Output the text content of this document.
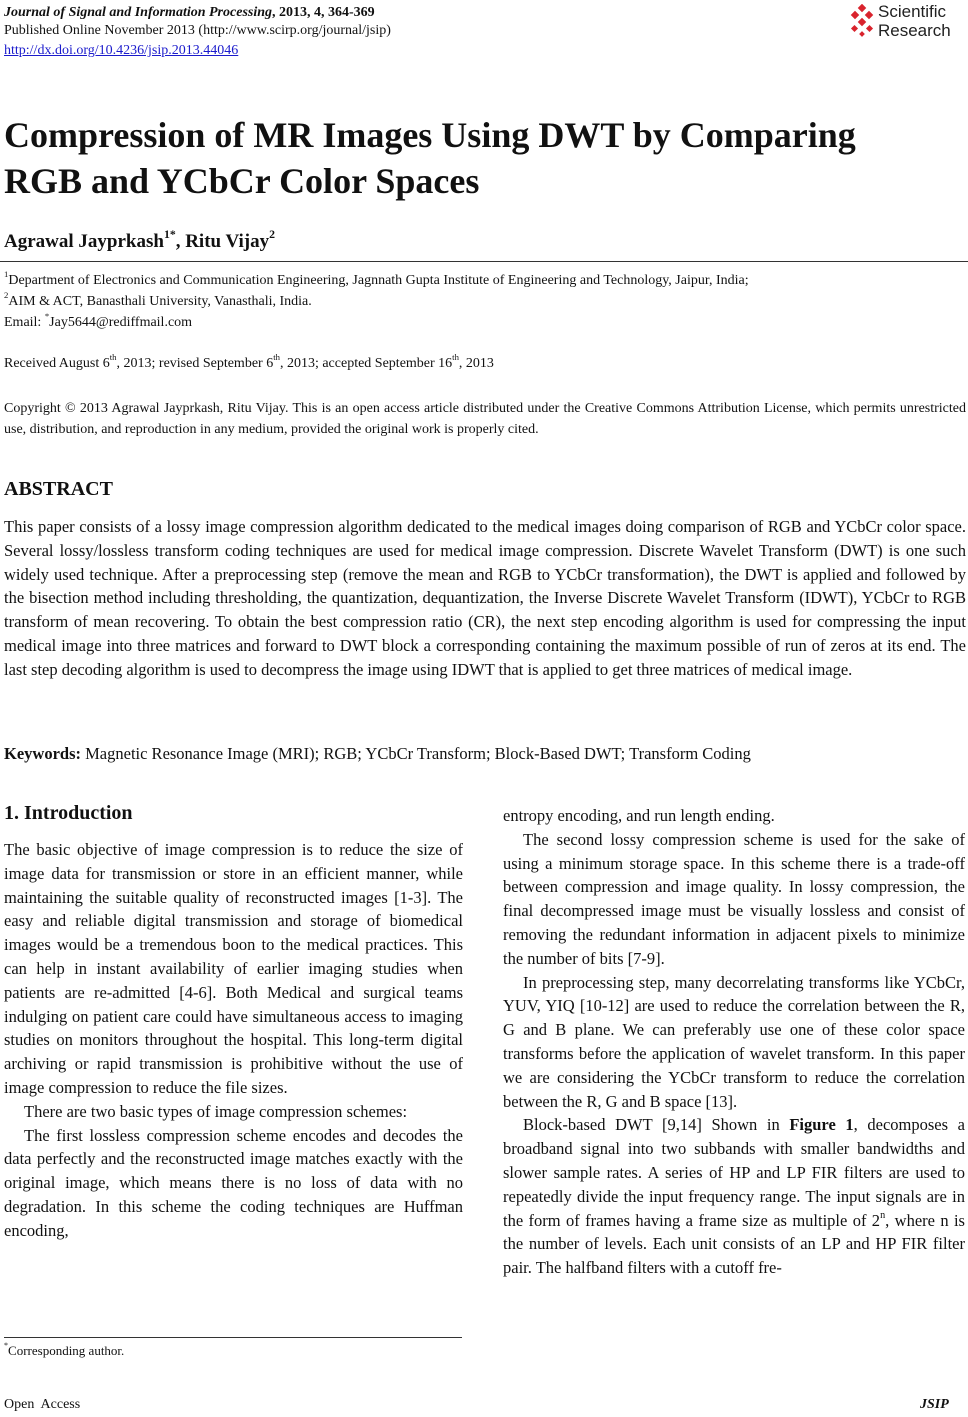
Journal of Signal and Information Processing, 2013, 4, 364-369
Published Online November 2013 (http://www.scirp.org/journal/jsip)
http://dx.doi.org/10.4236/jsip.2013.44046
Scientific
Research
Compression of MR Images Using DWT by Comparing
RGB and YCbCr Color Spaces
Agrawal Jayprkash$^{1*}$, Ritu Vijay$^2$
$^1$Department of Electronics and Communication Engineering, Jagnnath Gupta Institute of Engineering and Technology, Jaipur, India;
$^2$AIM & ACT, Banasthali University, Vanasthali, India.
Email: *Jay5644@rediffmail.com
Received August 6th, 2013; revised September 6th, 2013; accepted September 16th, 2013
Copyright © 2013 Agrawal Jayprkash, Ritu Vijay. This is an open access article distributed under the Creative Commons Attribution License, which permits unrestricted use, distribution, and reproduction in any medium, provided the original work is properly cited.
ABSTRACT
This paper consists of a lossy image compression algorithm dedicated to the medical images doing comparison of RGB and YCbCr color space. Several lossy/lossless transform coding techniques are used for medical image compression. Discrete Wavelet Transform (DWT) is one such widely used technique. After a preprocessing step (remove the mean and RGB to YCbCr transformation), the DWT is applied and followed by the bisection method including thresholding, the quantization, dequantization, the Inverse Discrete Wavelet Transform (IDWT), YCbCr to RGB transform of mean recovering. To obtain the best compression ratio (CR), the next step encoding algorithm is used for compressing the input medical image into three matrices and forward to DWT block a corresponding containing the maximum possible of run of zeros at its end. The last step decoding algorithm is used to decompress the image using IDWT that is applied to get three matrices of medical image.
Keywords: Magnetic Resonance Image (MRI); RGB; YCbCr Transform; Block-Based DWT; Transform Coding
1. Introduction

The basic objective of image compression is to reduce the size of image data for transmission or store in an efficient manner, while maintaining the suitable quality of reconstructed images [1-3]. The easy and reliable digital transmission and storage of biomedical images would be a tremendous boon to the medical practices. This can help in instant availability of earlier imaging studies when patients are re-admitted [4-6]. Both Medical and surgical teams indulging on patient care could have simultaneous access to imaging studies on monitors throughout the hospital. This long-term digital archiving or rapid transmission is prohibitive without the use of image compression to reduce the file sizes.

There are two basic types of image compression schemes:

The first lossless compression scheme encodes and decodes the data perfectly and the reconstructed image matches exactly with the original image, which means there is no loss of data with no degradation. In this scheme the coding techniques are Huffman encoding,

entropy encoding, and run length ending.

The second lossy compression scheme is used for the sake of using a minimum storage space. In this scheme there is a trade-off between compression and image quality. In lossy compression, the final decompressed image must be visually lossless and consist of removing the redundant information in adjacent pixels to minimize the number of bits [7-9].

In preprocessing step, many decorrelating transforms like YCbCr, YUV, YIQ [10-12] are used to reduce the correlation between the R, G and B plane. We can preferably use one of these color space transforms before the application of wavelet transform. In this paper we are considering the YCbCr transform to reduce the correlation between the R, G and B space [13].

Block-based DWT [9,14] Shown in Figure 1, decomposes a broadband signal into two subbands with smaller bandwidths and slower sample rates. A series of HP and LP FIR filters are used to repeatedly divide the input frequency range. The input signals are in the form of frames having a frame size as multiple of 2$^n$, where n is the number of levels. Each unit consists of an LP and HP FIR filter pair. The halfband filters with a cutoff fre-

*Corresponding author.
Open  Access	JSIP
